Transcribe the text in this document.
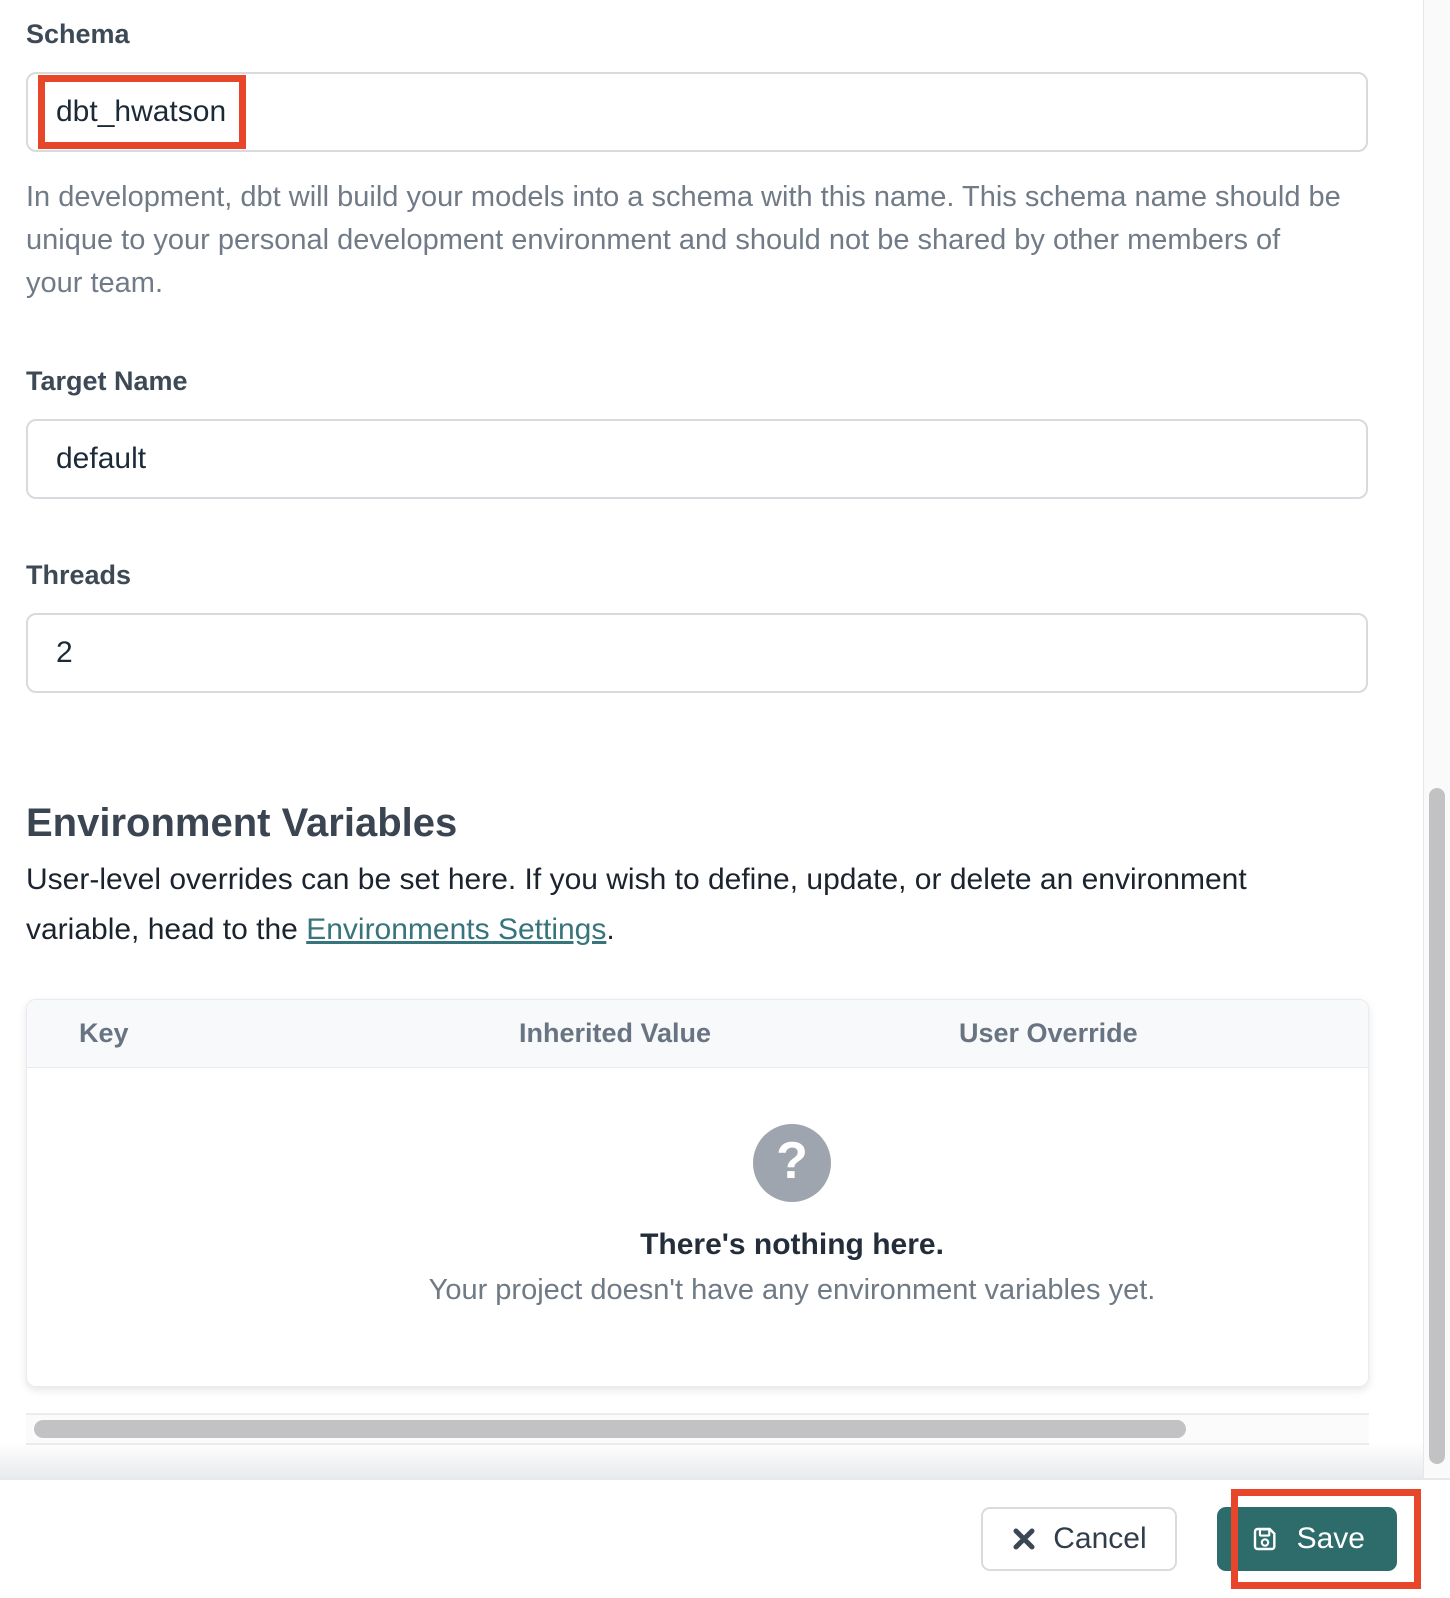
Schema
dbt_hwatson

In development, dbt will build your models into a schema with this name. This schema name should be unique to your personal development environment and should not be shared by other members of your team.

Target Name
default
Threads
2
Environment Variables

User-level overrides can be set here. If you wish to define, update, or delete an environment variable, head to the Environments Settings.

Key	Inherited Value	User Override
?
There's nothing here.
Your project doesn't have any environment variables yet.
Cancel	Save
